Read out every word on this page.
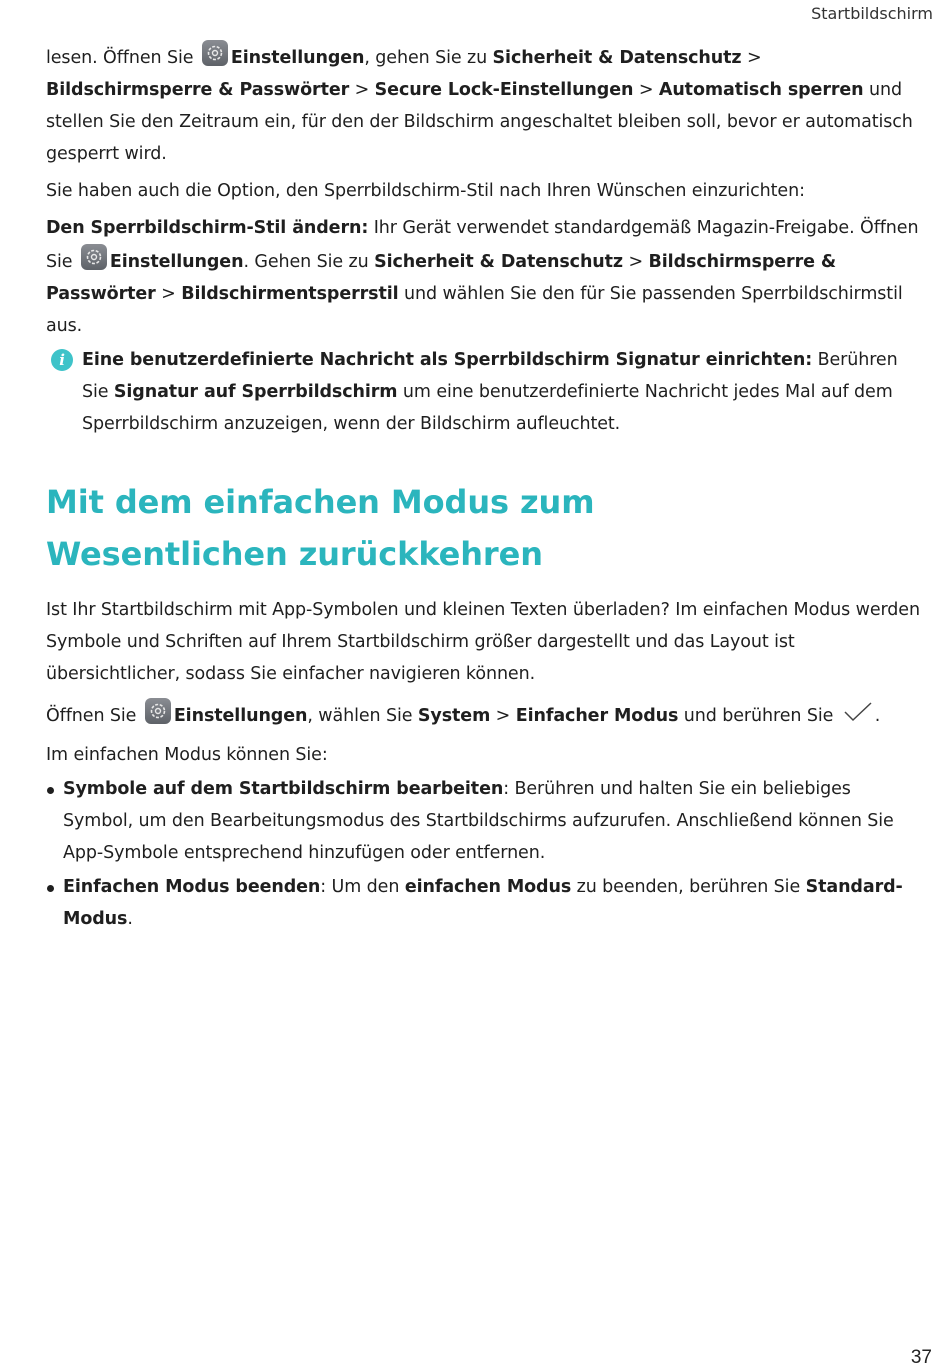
Startbildschirm

lesen. Öffnen Sie Einstellungen, gehen Sie zu Sicherheit & Datenschutz > Bildschirmsperre & Passwörter > Secure Lock-Einstellungen > Automatisch sperren und stellen Sie den Zeitraum ein, für den der Bildschirm angeschaltet bleiben soll, bevor er automatisch gesperrt wird.

Sie haben auch die Option, den Sperrbildschirm-Stil nach Ihren Wünschen einzurichten:

Den Sperrbildschirm-Stil ändern: Ihr Gerät verwendet standardgemäß Magazin-Freigabe. Öffnen Sie Einstellungen. Gehen Sie zu Sicherheit & Datenschutz > Bildschirmsperre & Passwörter > Bildschirmentsperrstil und wählen Sie den für Sie passenden Sperrbildschirmstil aus.

i Eine benutzerdefinierte Nachricht als Sperrbildschirm Signatur einrichten: Berühren Sie Signatur auf Sperrbildschirm um eine benutzerdefinierte Nachricht jedes Mal auf dem Sperrbildschirm anzuzeigen, wenn der Bildschirm aufleuchtet.
Mit dem einfachen Modus zum Wesentlichen zurückkehren

Ist Ihr Startbildschirm mit App-Symbolen und kleinen Texten überladen? Im einfachen Modus werden Symbole und Schriften auf Ihrem Startbildschirm größer dargestellt und das Layout ist übersichtlicher, sodass Sie einfacher navigieren können.

Öffnen Sie Einstellungen, wählen Sie System > Einfacher Modus und berühren Sie .

Im einfachen Modus können Sie:

Symbole auf dem Startbildschirm bearbeiten: Berühren und halten Sie ein beliebiges Symbol, um den Bearbeitungsmodus des Startbildschirms aufzurufen. Anschließend können Sie App-Symbole entsprechend hinzufügen oder entfernen.
Einfachen Modus beenden: Um den einfachen Modus zu beenden, berühren Sie Standard-Modus.
37
